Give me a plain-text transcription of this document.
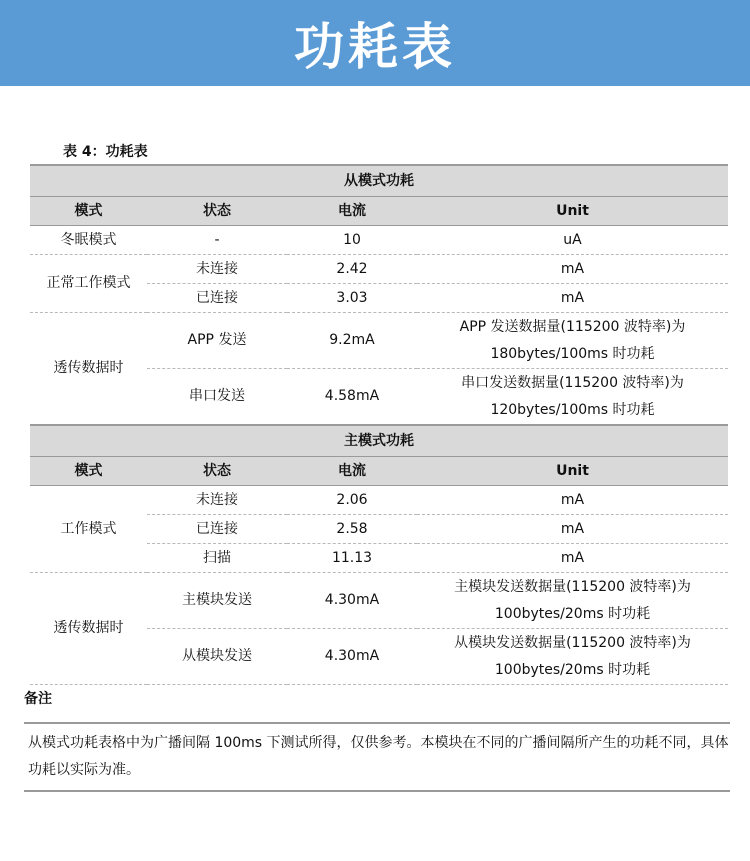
功耗表
表 4：功耗表
从模式功耗			
模式	状态	电流	Unit
冬眠模式	-	10	uA
正常工作模式	未连接	2.42	mA
	已连接	3.03	mA
透传数据时	APP 发送	9.2mA	APP 发送数据量(115200 波特率)为
180bytes/100ms 时功耗

	串口发送	4.58mA	串口发送数据量(115200 波特率)为
120bytes/100ms 时功耗

主模式功耗			
模式	状态	电流	Unit
工作模式	未连接	2.06	mA
	已连接	2.58	mA
	扫描	11.13	mA
透传数据时	主模块发送	4.30mA	主模块发送数据量(115200 波特率)为
100bytes/20ms 时功耗

	从模块发送	4.30mA	从模块发送数据量(115200 波特率)为
100bytes/20ms 时功耗
备注
从模式功耗表格中为广播间隔 100ms 下测试所得，仅供参考。本模块在不同的广播间隔所产生的功耗不同，具体功耗以实际为准。
